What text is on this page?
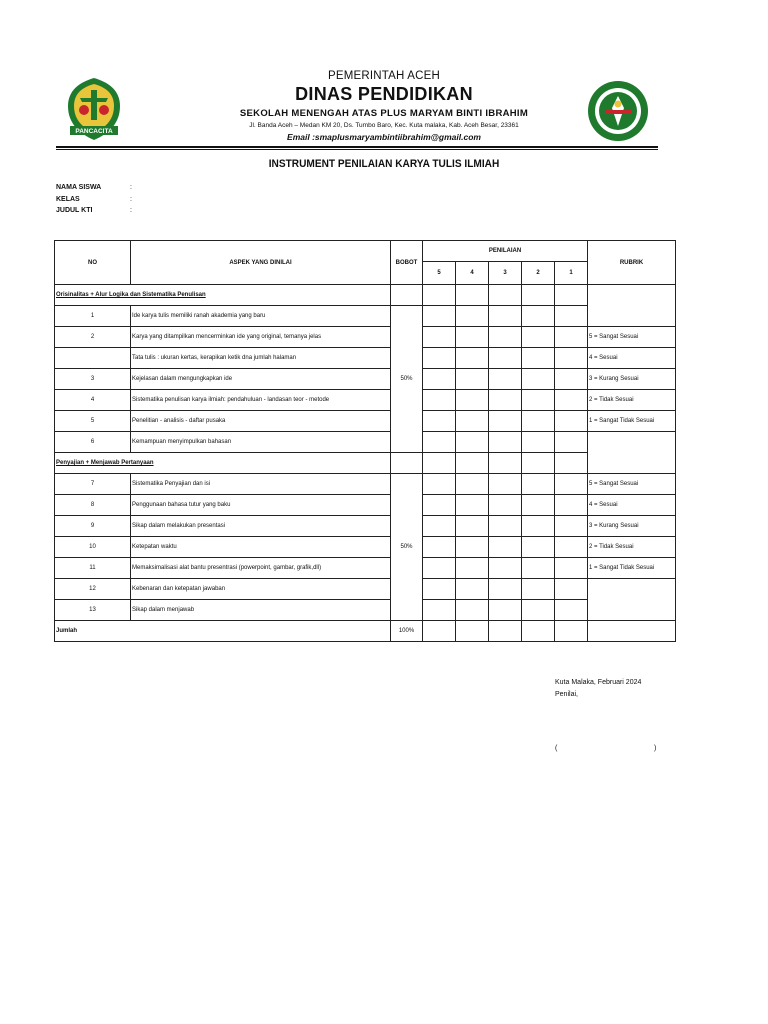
PANCACITA
PEMERINTAH ACEH
DINAS PENDIDIKAN
SEKOLAH MENENGAH ATAS PLUS MARYAM BINTI IBRAHIM
Jl. Banda Aceh – Medan KM 20, Ds. Tumbo Baro, Kec. Kuta malaka, Kab. Aceh Besar, 23361
Email :smaplusmaryambintiibrahim@gmail.com
INSTRUMENT PENILAIAN KARYA TULIS ILMIAH
NAMA SISWA	:
KELAS	:
JUDUL KTI	:
NO	ASPEK YANG DINILAI	BOBOT	PENILAIAN					RUBRIK
			5	4	3	2	1	
Orisinalitas + Alur Logika dan Sistematika Penulisan								
1	Ide karya tulis memiliki ranah akademia yang baru	50%						
2	Karya yang ditampilkan mencerminkan ide yang original, temanya jelas							5 = Sangat Sesuai
	Tata tulis : ukuran kertas, kerapikan ketik dna jumlah halaman							4 = Sesuai
3	Kejelasan dalam mengungkapkan ide							3 = Kurang Sesuai
4	Sistematika penulisan karya ilmiah: pendahuluan - landasan teor - metode							2 = Tidak Sesuai
5	Penelitian - analisis - daftar pusaka							1 = Sangat Tidak Sesuai
6	Kemampuan menyimpulkan bahasan							
Penyajian + Menjawab Pertanyaan								
7	Sistematika Penyajian dan isi	50%						5 = Sangat Sesuai
8	Penggunaan bahasa tutur yang baku							4 = Sesuai
9	Sikap dalam melakukan presentasi							3 = Kurang Sesuai
10	Ketepatan waktu							2 = Tidak Sesuai
11	Memaksimalisasi alat bantu presentrasi (powerpoint, gambar, grafik,dll)							1 = Sangat Tidak Sesuai
12	Kebenaran dan ketepatan jawaban							
13	Sikap dalam menjawab							
Jumlah		100%						
Kuta Malaka, Februari 2024
Penilai,
(	)
